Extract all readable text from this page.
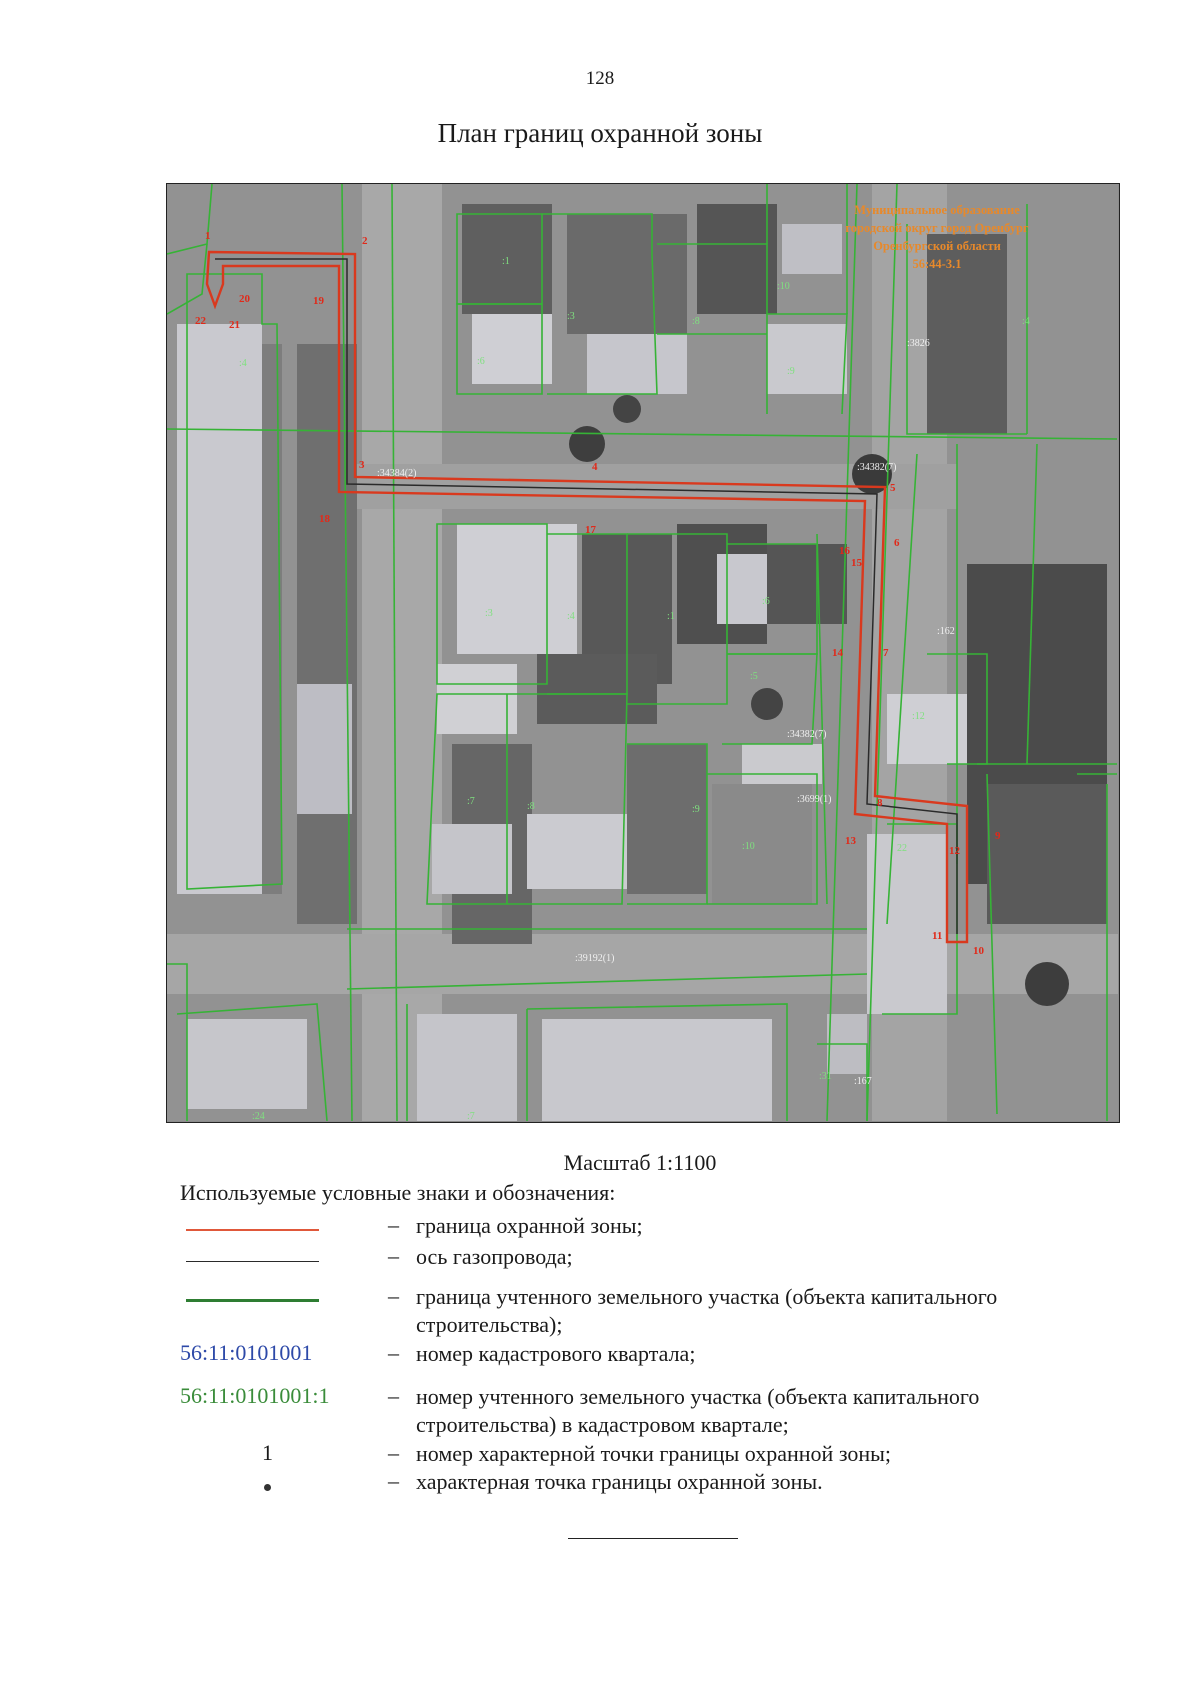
128
План границ охранной зоны
1	2
3	4
5
6
7
8
9
10
11
12
13
14
15
16
17
18
19
20
21
22
:34384(2)
:34382(7)
:34382(7)
:39192(1)
:3699(1)
:3826
:162
:167
:1
:3
:6
:10
:8
:9
:4
:3	:4	:1
:6
:5
:7	:8	:9
:10
:12
22
:24	:7
:31
:4
Муниципальное образование
городской округ город Оренбург
Оренбургской области
56:44-3.1
Масштаб 1:1100
Используемые условные знаки и обозначения:
– граница охранной зоны;
– ось газопровода;
– граница учтенного земельного участка (объекта капитального строительства);
56:11:0101001	– номер кадастрового квартала;
56:11:0101001:1	– номер учтенного земельного участка (объекта капитального строительства) в кадастровом квартале;
1	– номер характерной точки границы охранной зоны;
– характерная точка границы охранной зоны.
